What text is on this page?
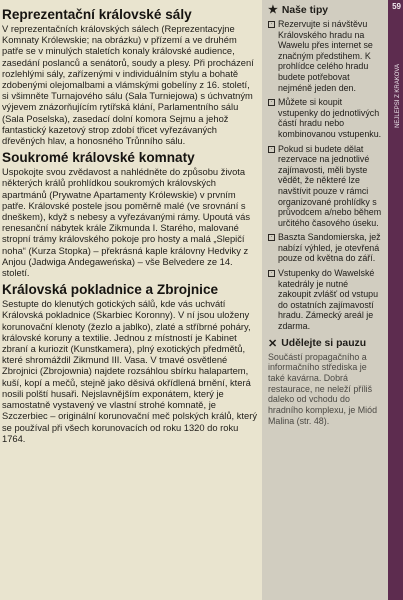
Reprezentační královské sály

V reprezentačních královských sálech (Reprezentacyjne Komnaty Królewskie; na obrázku) v přízemí a ve druhém patře se v minulých staletích konaly královské audience, zasedání poslanců a senátorů, soudy a plesy. Při procházení rozlehlými sály, zařízenými v individuálním stylu a bohatě zdobenými olejomalbami a vlámskými gobelíny z 16. století, si všimněte Turnajového sálu (Sala Turniejowa) s úchvatným výjevem znázorňujícím rytířská klání, Parlamentního sálu (Sala Poselska), zasedací dolní komora Sejmu a jehož fantastický kazetový strop zdobí třicet vyřezávaných dřevěných hlav, a honosného Trůnního sálu.

Soukromé královské komnaty

Uspokojte svou zvědavost a nahlédněte do způsobu života některých králů prohlídkou soukromých královských apartmánů (Prywatne Apartamenty Królewskie) v prvním patře. Královské postele jsou poměrně malé (ve srovnání s dneškem), když s nebesy a vyřezávanými rámy. Upoutá vás renesanční nábytek krále Zikmunda I. Starého, malované stropní trámy královského pokoje pro hosty a malá „Slepičí noha“ (Kurza Stopka) – překrásná kaple královny Hedviky z Anjou (Jadwiga Andegaweńska) – vše Belvedere ze 14. století.

Královská pokladnice a Zbrojnice

Sestupte do klenutých gotických sálů, kde vás uchvátí Královská pokladnice (Skarbiec Koronny). V ní jsou uloženy korunovační klenoty (žezlo a jablko), zlaté a stříbrné poháry, královské koruny a textilie. Jednou z místností je Kabinet zbraní a kuriozit (Kunstkamera), plný exotických předmětů, které shromáždil Zikmund III. Vasa. V tmavé osvětlené Zbrojnici (Zbrojownia) najdete rozsáhlou sbírku halapartem, kuší, kopí a mečů, stejně jako děsivá okřídlená brnění, která nosili polští husaři. Nejslavnějším exponátem, který je samostatně vystavený ve vlastní strohé komnatě, je Szczerbiec – originální korunovační meč polských králů, který se používal při všech korunovacích od roku 1320 do roku 1764.

★ Naše tipy
· Rezervujte si návštěvu Královského hradu na Wawelu přes internet se značným předstihem. K prohlídce celého hradu budete potřebovat nejméně jeden den.

· Můžete si koupit vstupenky do jednotlivých částí hradu nebo kombinovanou vstupenku.

· Pokud si budete dělat rezervace na jednotlivé zajímavosti, měli byste vědět, že některé lze navštívit pouze v rámci organizované prohlídky s průvodcem a/nebo během určitého časového úseku.

· Baszta Sandomierska, jež nabízí výhled, je otevřená pouze od května do září.

· Vstupenky do Wawelské katedrály je nutné zakoupit zvlášť od vstupu do ostatních zajímavostí hradu. Zámecký areál je zdarma.

✕ Udělejte si pauzu

Součástí propagačního a informačního střediska je také kavárna. Dobrá restaurace, ne neleží příliš daleko od vchodu do hradního komplexu, je Miód Malina (str. 48).

59
NEJLEPŠÍ Z KRAKOVA
